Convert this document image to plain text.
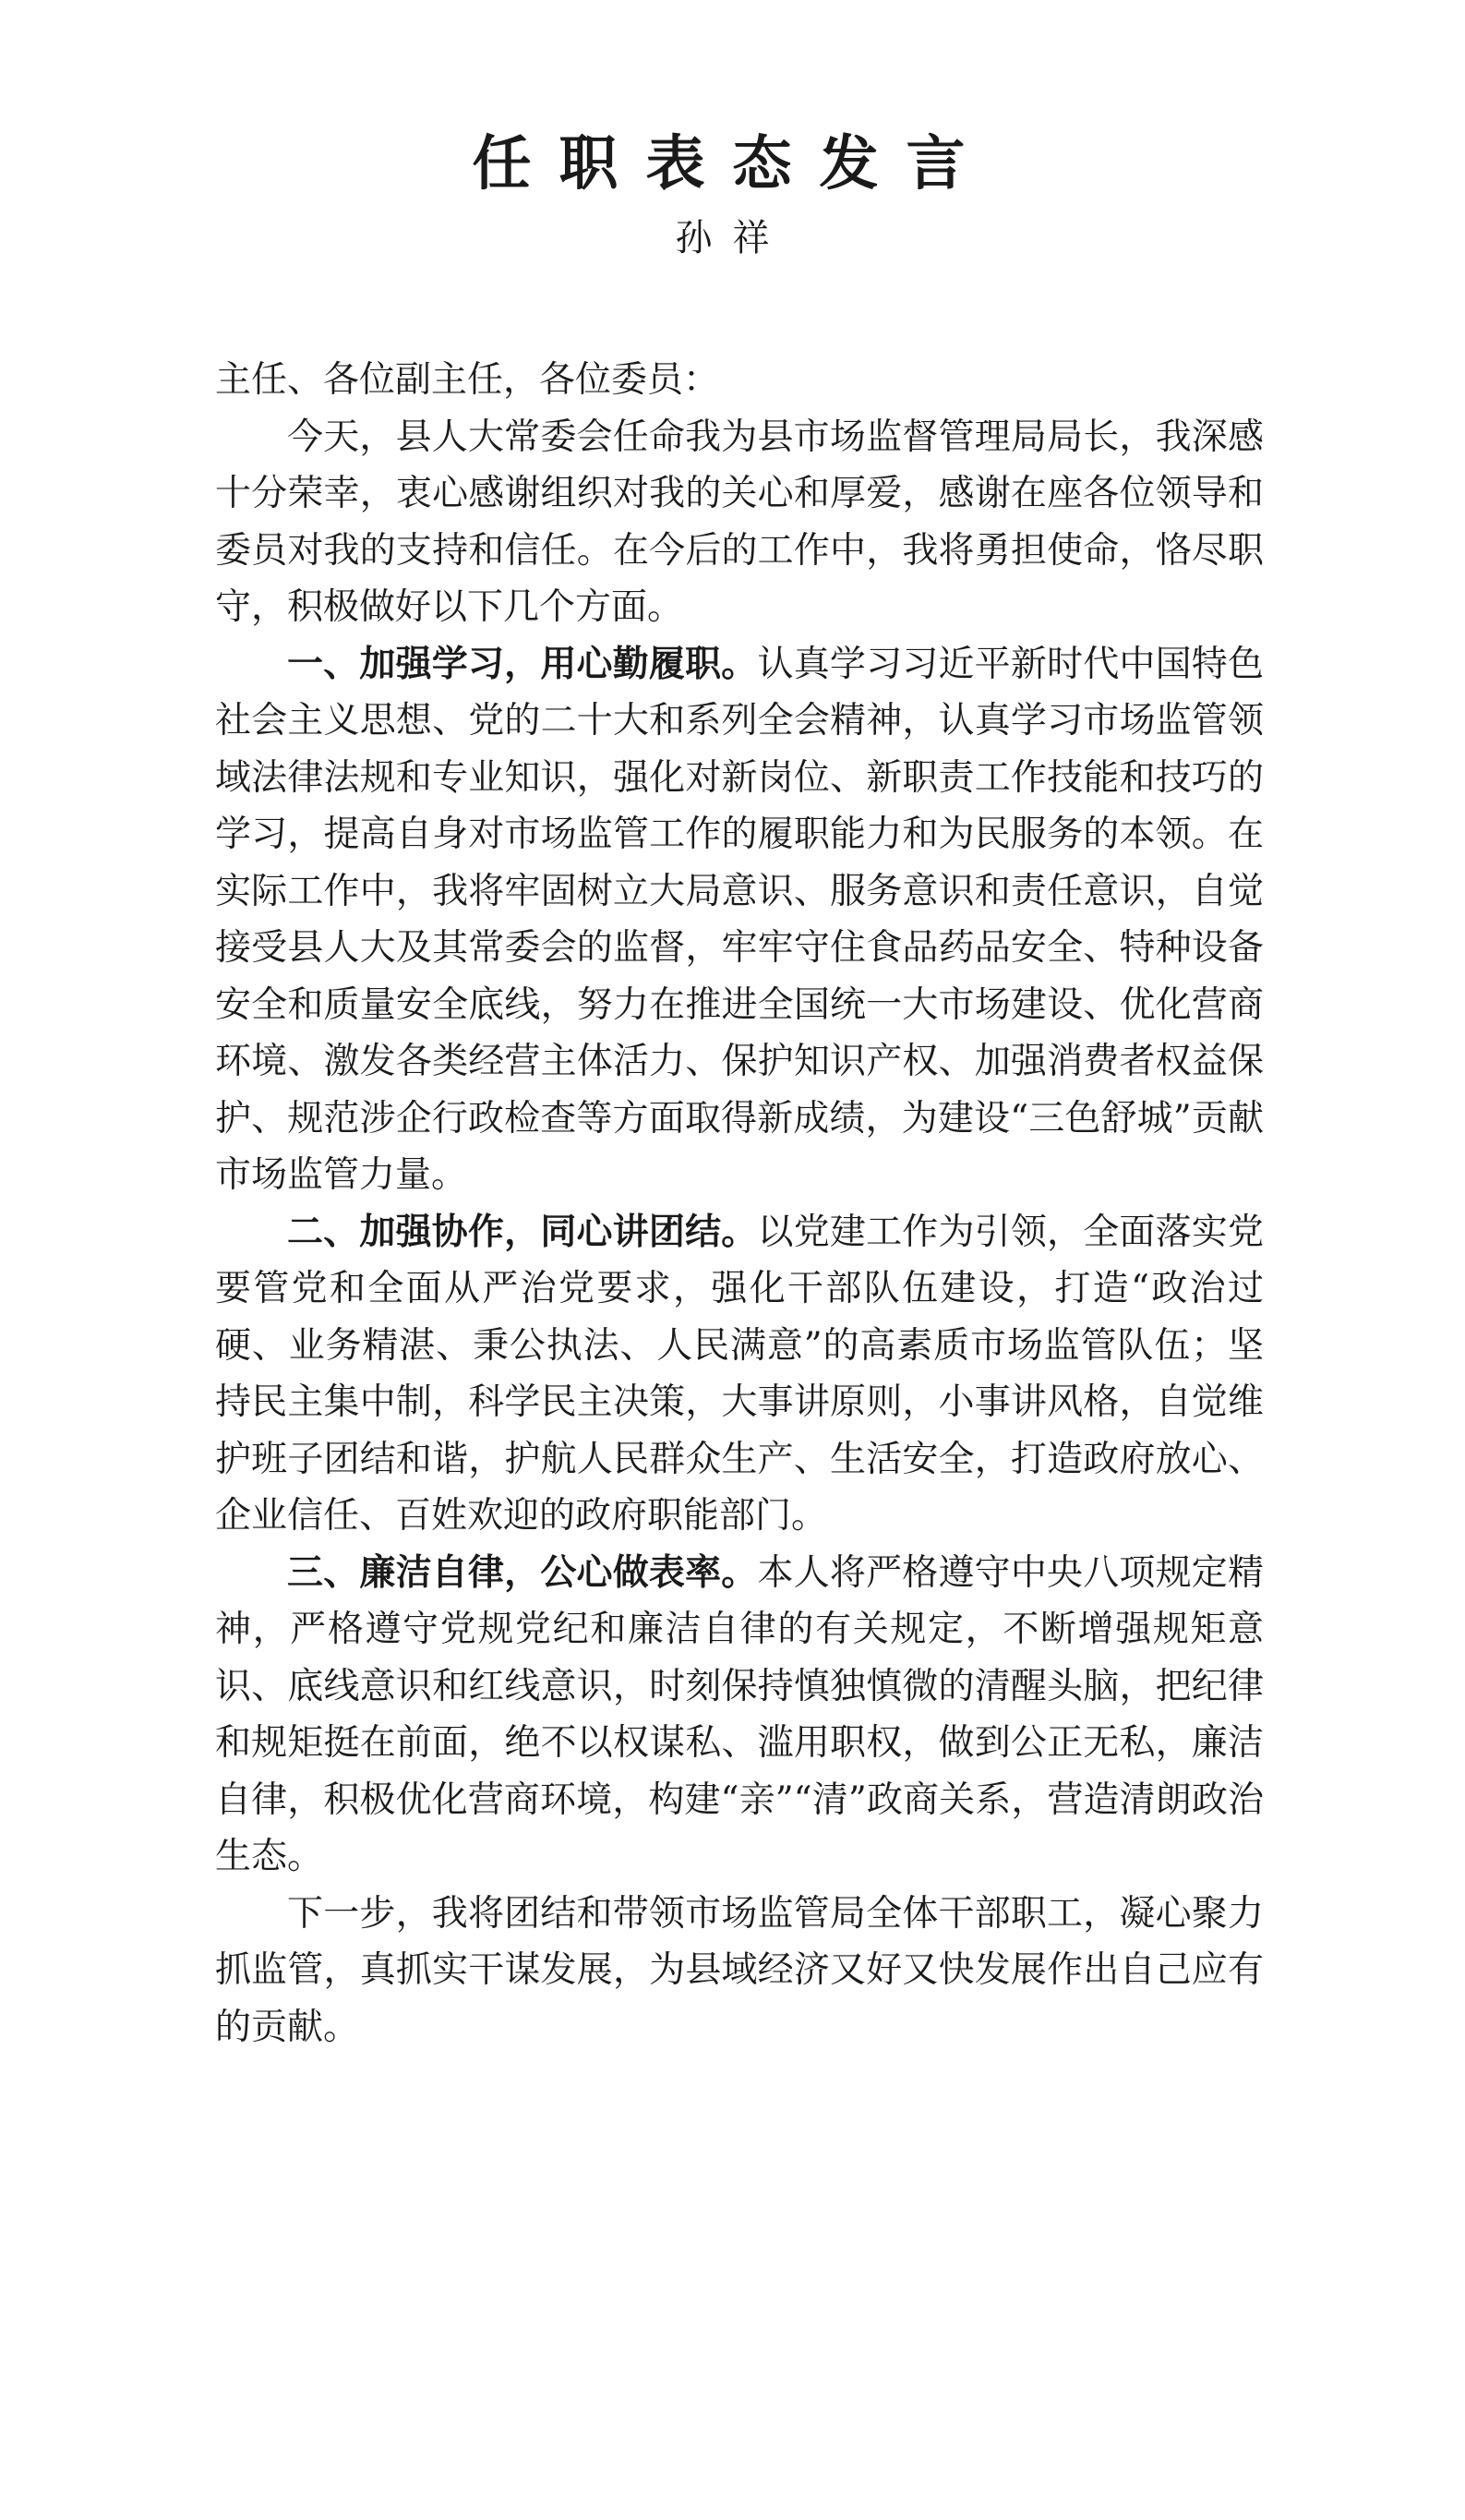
任职表态发言

孙祥

主任、各位副主任，各位委员：

今天，县人大常委会任命我为县市场监督管理局局长，我深感十分荣幸，衷心感谢组织对我的关心和厚爱，感谢在座各位领导和委员对我的支持和信任。在今后的工作中，我将勇担使命，恪尽职守，积极做好以下几个方面。

一、加强学习，用心勤履职。认真学习习近平新时代中国特色社会主义思想、党的二十大和系列全会精神，认真学习市场监管领域法律法规和专业知识，强化对新岗位、新职责工作技能和技巧的学习，提高自身对市场监管工作的履职能力和为民服务的本领。在实际工作中，我将牢固树立大局意识、服务意识和责任意识，自觉接受县人大及其常委会的监督，牢牢守住食品药品安全、特种设备安全和质量安全底线，努力在推进全国统一大市场建设、优化营商环境、激发各类经营主体活力、保护知识产权、加强消费者权益保护、规范涉企行政检查等方面取得新成绩，为建设“三色舒城”贡献市场监管力量。

二、加强协作，同心讲团结。以党建工作为引领，全面落实党要管党和全面从严治党要求，强化干部队伍建设，打造“政治过硬、业务精湛、秉公执法、人民满意”的高素质市场监管队伍；坚持民主集中制，科学民主决策，大事讲原则，小事讲风格，自觉维护班子团结和谐，护航人民群众生产、生活安全，打造政府放心、企业信任、百姓欢迎的政府职能部门。

三、廉洁自律，公心做表率。本人将严格遵守中央八项规定精神，严格遵守党规党纪和廉洁自律的有关规定，不断增强规矩意识、底线意识和红线意识，时刻保持慎独慎微的清醒头脑，把纪律和规矩挺在前面，绝不以权谋私、滥用职权，做到公正无私，廉洁自律，积极优化营商环境，构建“亲”“清”政商关系，营造清朗政治生态。

下一步，我将团结和带领市场监管局全体干部职工，凝心聚力抓监管，真抓实干谋发展，为县域经济又好又快发展作出自己应有的贡献。
